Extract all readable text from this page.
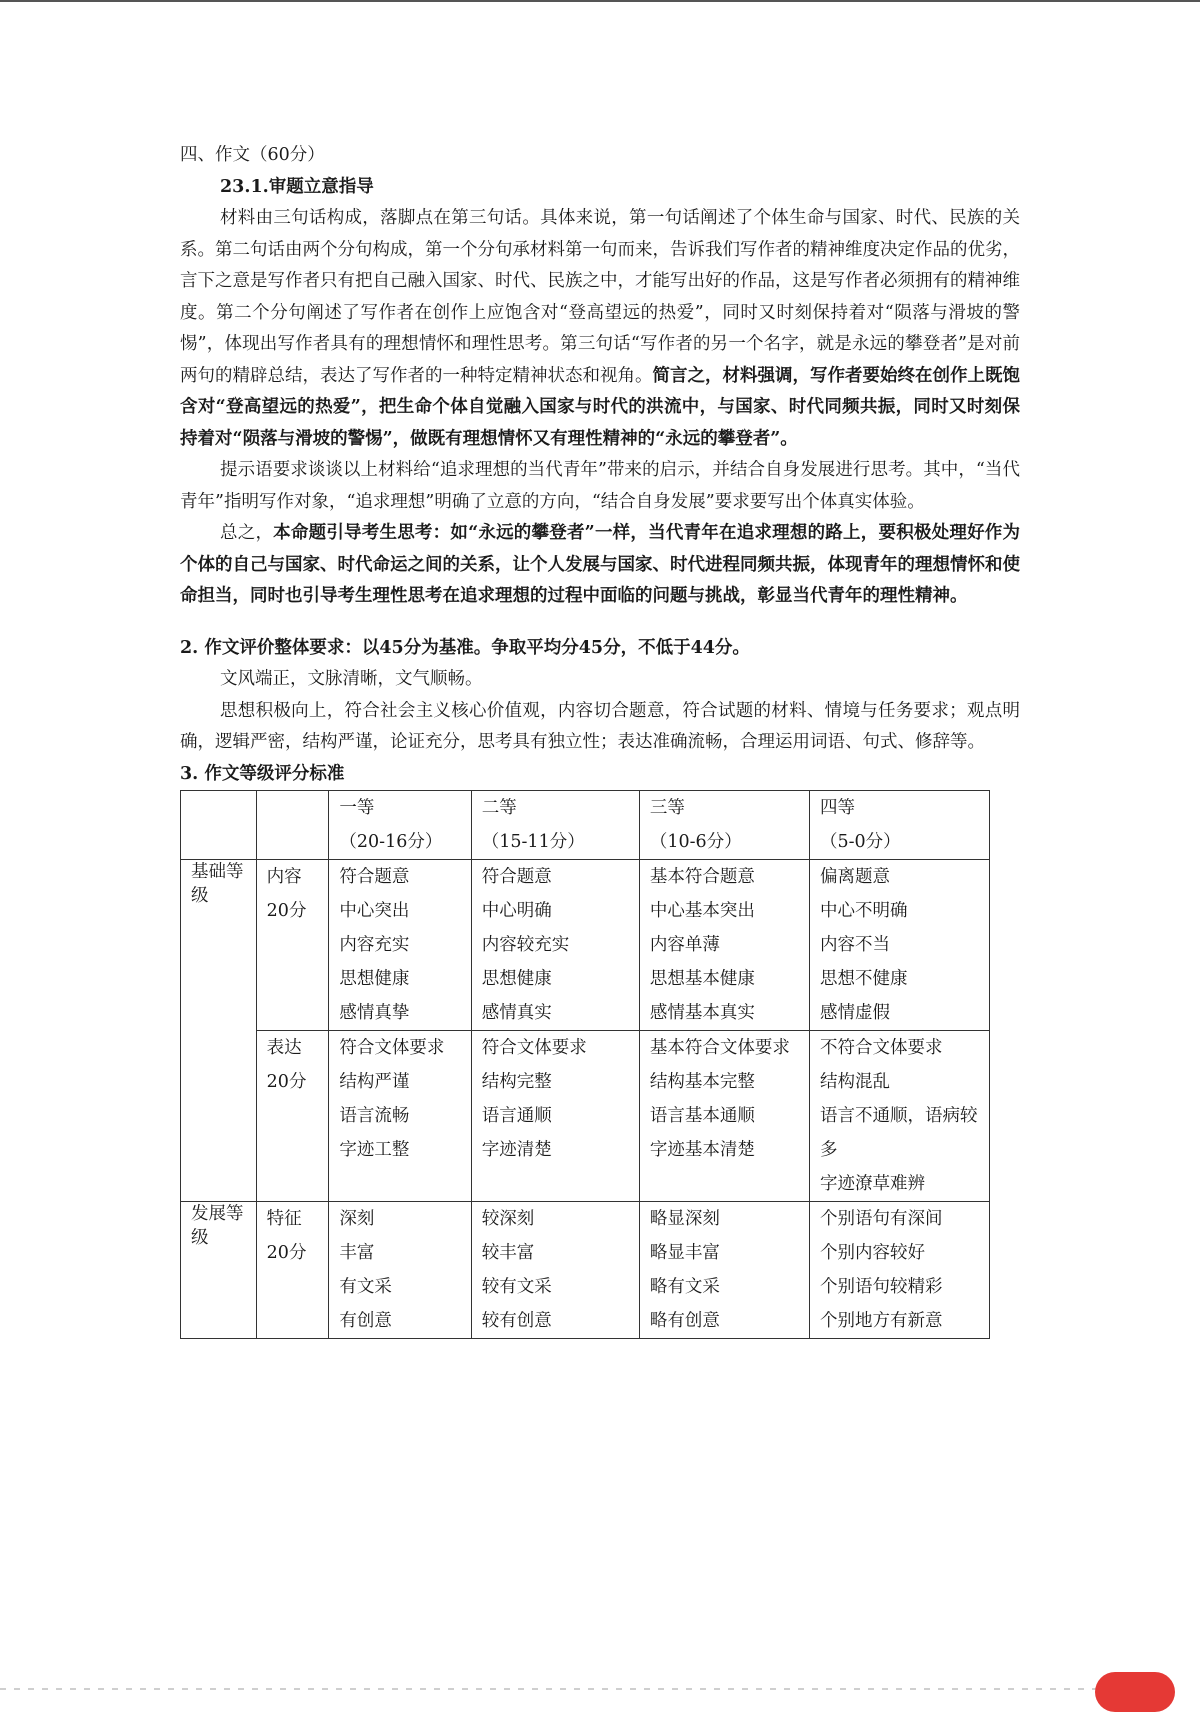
四、作文（60分）

23.1.审题立意指导

材料由三句话构成，落脚点在第三句话。具体来说，第一句话阐述了个体生命与国家、时代、民族的关系。第二句话由两个分句构成，第一个分句承材料第一句而来，告诉我们写作者的精神维度决定作品的优劣，言下之意是写作者只有把自己融入国家、时代、民族之中，才能写出好的作品，这是写作者必须拥有的精神维度。第二个分句阐述了写作者在创作上应饱含对“登高望远的热爱”，同时又时刻保持着对“陨落与滑坡的警惕”，体现出写作者具有的理想情怀和理性思考。第三句话“写作者的另一个名字，就是永远的攀登者”是对前两句的精辟总结，表达了写作者的一种特定精神状态和视角。简言之，材料强调，写作者要始终在创作上既饱含对“登高望远的热爱”，把生命个体自觉融入国家与时代的洪流中，与国家、时代同频共振，同时又时刻保持着对“陨落与滑坡的警惕”，做既有理想情怀又有理性精神的“永远的攀登者”。

提示语要求谈谈以上材料给“追求理想的当代青年”带来的启示，并结合自身发展进行思考。其中，“当代青年”指明写作对象，“追求理想”明确了立意的方向，“结合自身发展”要求要写出个体真实体验。

总之，本命题引导考生思考：如“永远的攀登者”一样，当代青年在追求理想的路上，要积极处理好作为个体的自己与国家、时代命运之间的关系，让个人发展与国家、时代进程同频共振，体现青年的理想情怀和使命担当，同时也引导考生理性思考在追求理想的过程中面临的问题与挑战，彰显当代青年的理性精神。

2. 作文评价整体要求：以45分为基准。争取平均分45分，不低于44分。

文风端正，文脉清晰，文气顺畅。

思想积极向上，符合社会主义核心价值观，内容切合题意，符合试题的材料、情境与任务要求；观点明确，逻辑严密，结构严谨，论证充分，思考具有独立性；表达准确流畅，合理运用词语、句式、修辞等。

3. 作文等级评分标准

		一等
（20-16分）	二等
（15-11分）	三等
（10-6分）	四等
（5-0分）

基础等级	内容
20分	符合题意
中心突出
内容充实
思想健康
感情真挚	符合题意
中心明确
内容较充实
思想健康
感情真实	基本符合题意
中心基本突出
内容单薄
思想基本健康
感情基本真实	偏离题意
中心不明确
内容不当
思想不健康
感情虚假

	表达
20分	符合文体要求
结构严谨
语言流畅
字迹工整	符合文体要求
结构完整
语言通顺
字迹清楚	基本符合文体要求
结构基本完整
语言基本通顺
字迹基本清楚	不符合文体要求
结构混乱
语言不通顺，语病较多
字迹潦草难辨

发展等级	特征
20分	深刻
丰富
有文采
有创意	较深刻
较丰富
较有文采
较有创意	略显深刻
略显丰富
略有文采
略有创意	个别语句有深间
个别内容较好
个别语句较精彩
个别地方有新意
